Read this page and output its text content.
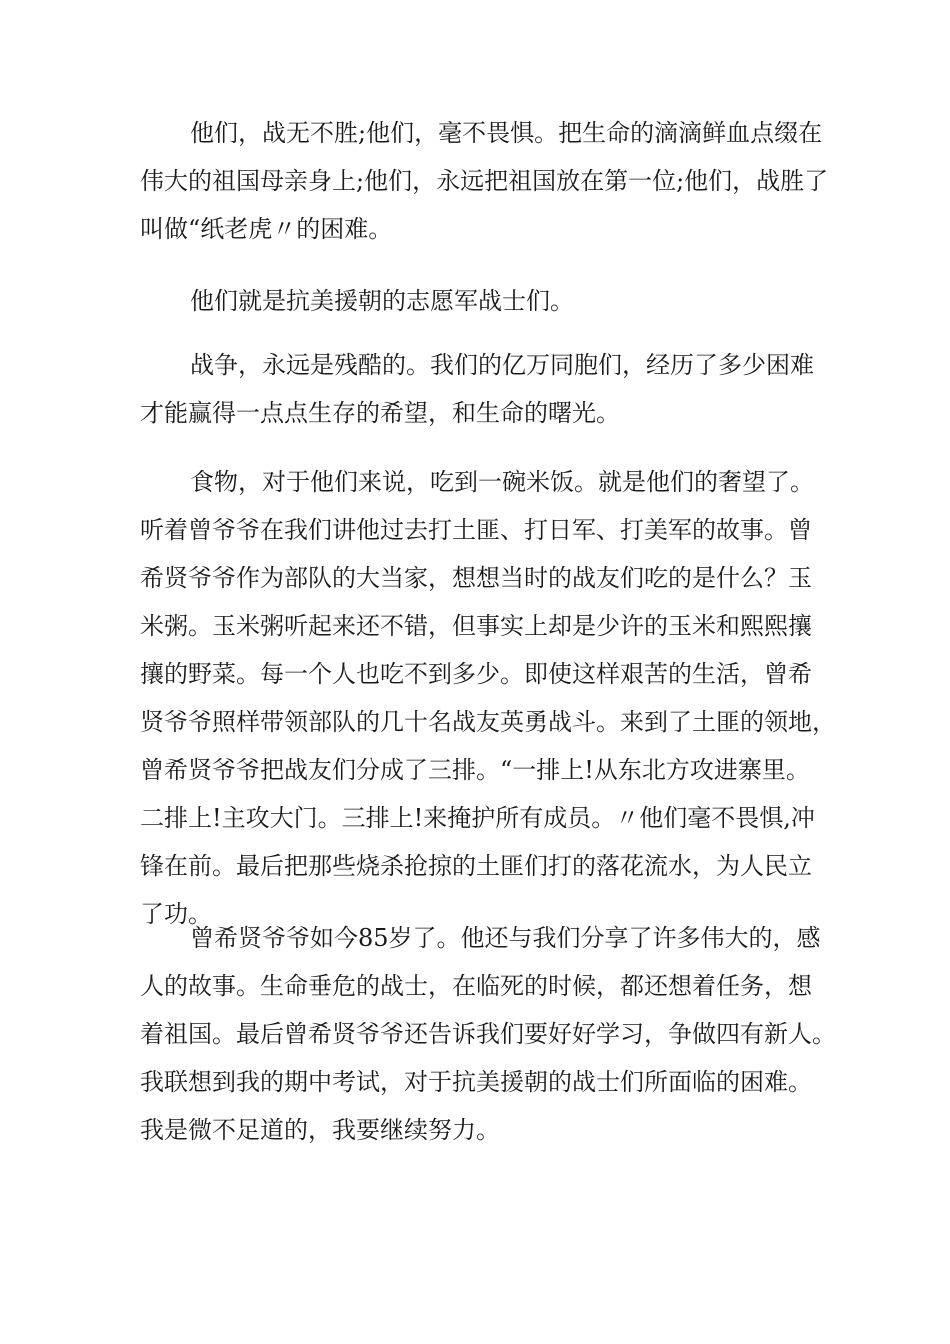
他们，战无不胜;他们，毫不畏惧。把生命的滴滴鲜血点缀在
伟大的祖国母亲身上;他们，永远把祖国放在第一位;他们，战胜了
叫做“纸老虎〃的困难。
他们就是抗美援朝的志愿军战士们。
战争，永远是残酷的。我们的亿万同胞们，经历了多少困难
才能赢得一点点生存的希望，和生命的曙光。
食物，对于他们来说，吃到一碗米饭。就是他们的奢望了。
听着曾爷爷在我们讲他过去打土匪、打日军、打美军的故事。曾
希贤爷爷作为部队的大当家，想想当时的战友们吃的是什么？玉
米粥。玉米粥听起来还不错，但事实上却是少许的玉米和熙熙攘
攘的野菜。每一个人也吃不到多少。即使这样艰苦的生活，曾希
贤爷爷照样带领部队的几十名战友英勇战斗。来到了土匪的领地，
曾希贤爷爷把战友们分成了三排。“一排上!从东北方攻进寨里。
二排上!主攻大门。三排上!来掩护所有成员。〃他们毫不畏惧,冲
锋在前。最后把那些烧杀抢掠的土匪们打的落花流水，为人民立
了功。
曾希贤爷爷如今85岁了。他还与我们分享了许多伟大的，感
人的故事。生命垂危的战士，在临死的时候，都还想着任务，想
着祖国。最后曾希贤爷爷还告诉我们要好好学习，争做四有新人。
我联想到我的期中考试，对于抗美援朝的战士们所面临的困难。
我是微不足道的，我要继续努力。
